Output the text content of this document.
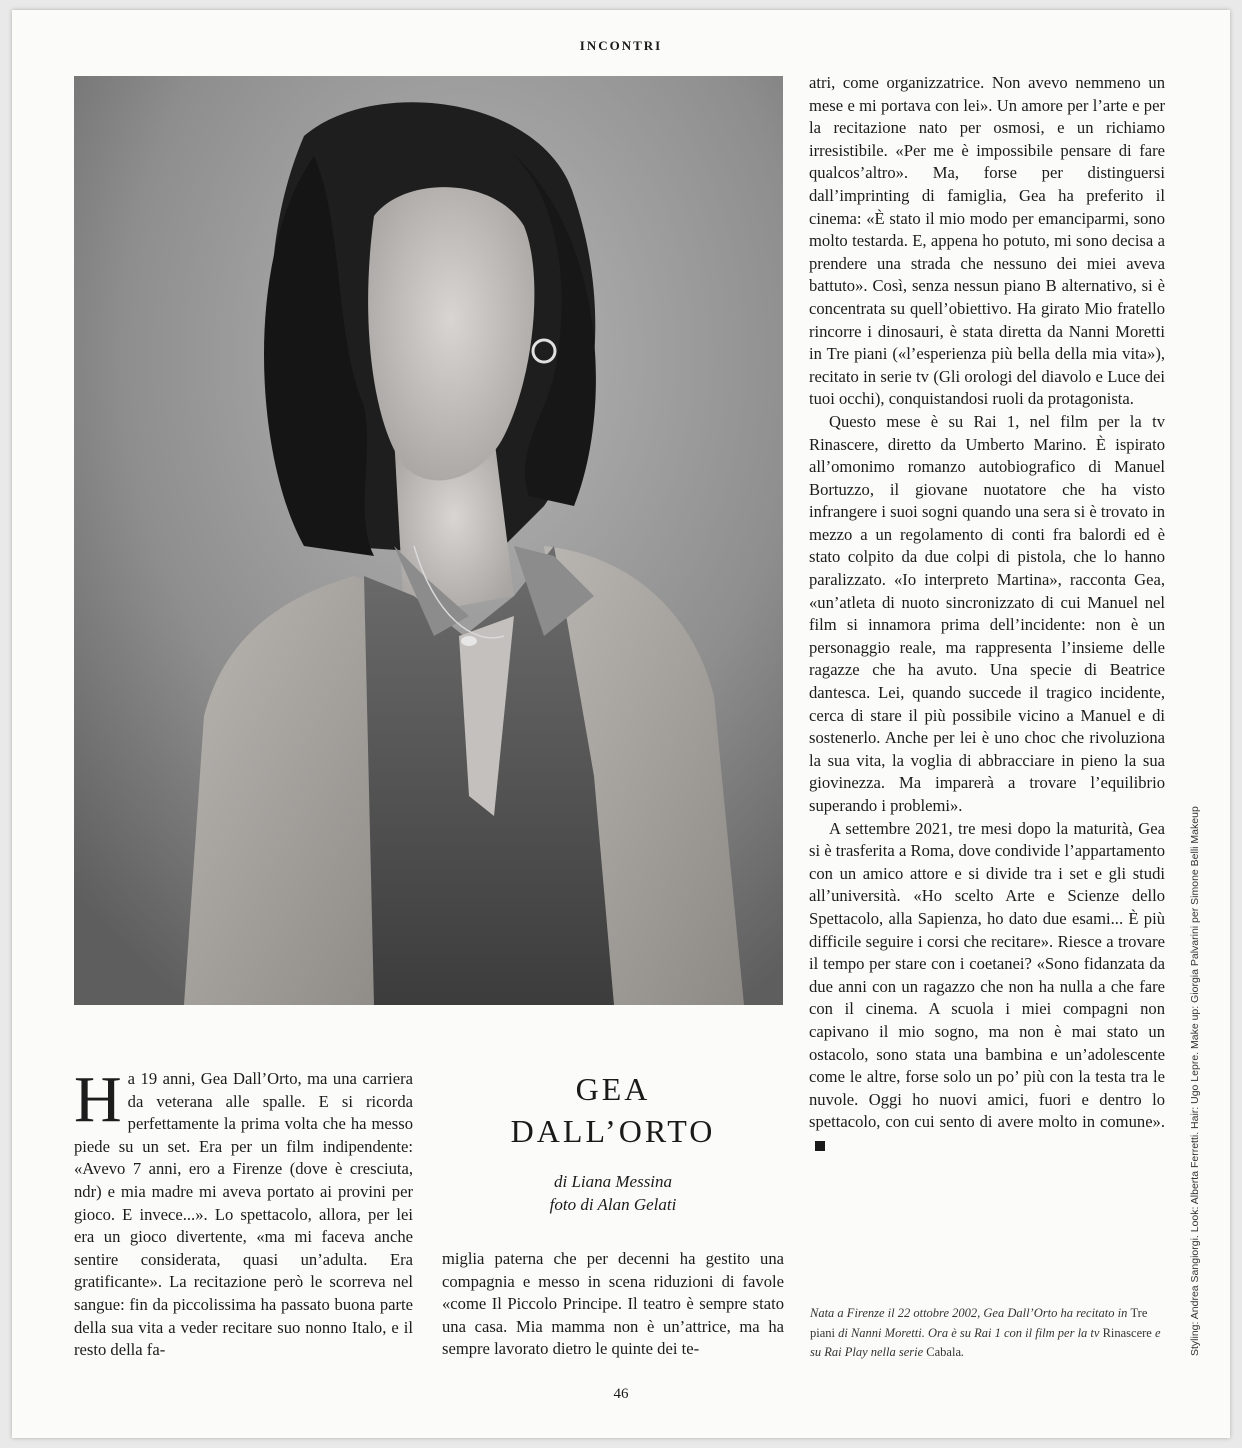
INCONTRI

atri, come organizzatrice. Non avevo nemmeno un mese e mi portava con lei». Un amore per l’arte e per la recitazione nato per osmosi, e un richiamo irresistibile. «Per me è impossibile pensare di fare qualcos’altro». Ma, forse per distinguersi dall’imprinting di famiglia, Gea ha preferito il cinema: «È stato il mio modo per emanciparmi, sono molto testarda. E, appena ho potuto, mi sono decisa a prendere una strada che nessuno dei miei aveva battuto». Così, senza nessun piano B alternativo, si è concentrata su quell’obiettivo. Ha girato Mio fratello rincorre i dinosauri, è stata diretta da Nanni Moretti in Tre piani («l’esperienza più bella della mia vita»), recitato in serie tv (Gli orologi del diavolo e Luce dei tuoi occhi), conquistandosi ruoli da protagonista.

Questo mese è su Rai 1, nel film per la tv Rinascere, diretto da Umberto Marino. È ispirato all’omonimo romanzo autobiografico di Manuel Bortuzzo, il giovane nuotatore che ha visto infrangere i suoi sogni quando una sera si è trovato in mezzo a un regolamento di conti fra balordi ed è stato colpito da due colpi di pistola, che lo hanno paralizzato. «Io interpreto Martina», racconta Gea, «un’atleta di nuoto sincronizzato di cui Manuel nel film si innamora prima dell’incidente: non è un personaggio reale, ma rappresenta l’insieme delle ragazze che ha avuto. Una specie di Beatrice dantesca. Lei, quando succede il tragico incidente, cerca di stare il più possibile vicino a Manuel e di sostenerlo. Anche per lei è uno choc che rivoluziona la sua vita, la voglia di abbracciare in pieno la sua giovinezza. Ma imparerà a trovare l’equilibrio superando i problemi».

A settembre 2021, tre mesi dopo la maturità, Gea si è trasferita a Roma, dove condivide l’appartamento con un amico attore e si divide tra i set e gli studi all’università. «Ho scelto Arte e Scienze dello Spettacolo, alla Sapienza, ho dato due esami... È più difficile seguire i corsi che recitare». Riesce a trovare il tempo per stare con i coetanei? «Sono fidanzata da due anni con un ragazzo che non ha nulla a che fare con il cinema. A scuola i miei compagni non capivano il mio sogno, ma non è mai stato un ostacolo, sono stata una bambina e un’adolescente come le altre, forse solo un po’ più con la testa tra le nuvole. Oggi ho nuovi amici, fuori e dentro lo spettacolo, con cui sento di avere molto in comune».

Ha 19 anni, Gea Dall’Orto, ma una carriera da veterana alle spalle. E si ricorda perfettamente la prima volta che ha messo piede su un set. Era per un film indipendente: «Avevo 7 anni, ero a Firenze (dove è cresciuta, ndr) e mia madre mi aveva portato ai provini per gioco. E invece...». Lo spettacolo, allora, per lei era un gioco divertente, «ma mi faceva anche sentire considerata, quasi un’adulta. Era gratificante». La recitazione però le scorreva nel sangue: fin da piccolissima ha passato buona parte della sua vita a veder recitare suo nonno Italo, e il resto della fa-

GEA
DALL’ORTO
di Liana Messina
foto di Alan Gelati

miglia paterna che per decenni ha gestito una compagnia e messo in scena riduzioni di favole «come Il Piccolo Principe. Il teatro è sempre stato una casa. Mia mamma non è un’attrice, ma ha sempre lavorato dietro le quinte dei te-

Nata a Firenze il 22 ottobre 2002, Gea Dall’Orto ha recitato in Tre piani di Nanni Moretti. Ora è su Rai 1 con il film per la tv Rinascere e su Rai Play nella serie Cabala.	Styling: Andrea Sangiorgi. Look: Alberta Ferretti. Hair: Ugo Lepre. Make up: Giorgia Palvarini per Simone Belli Makeup
46
